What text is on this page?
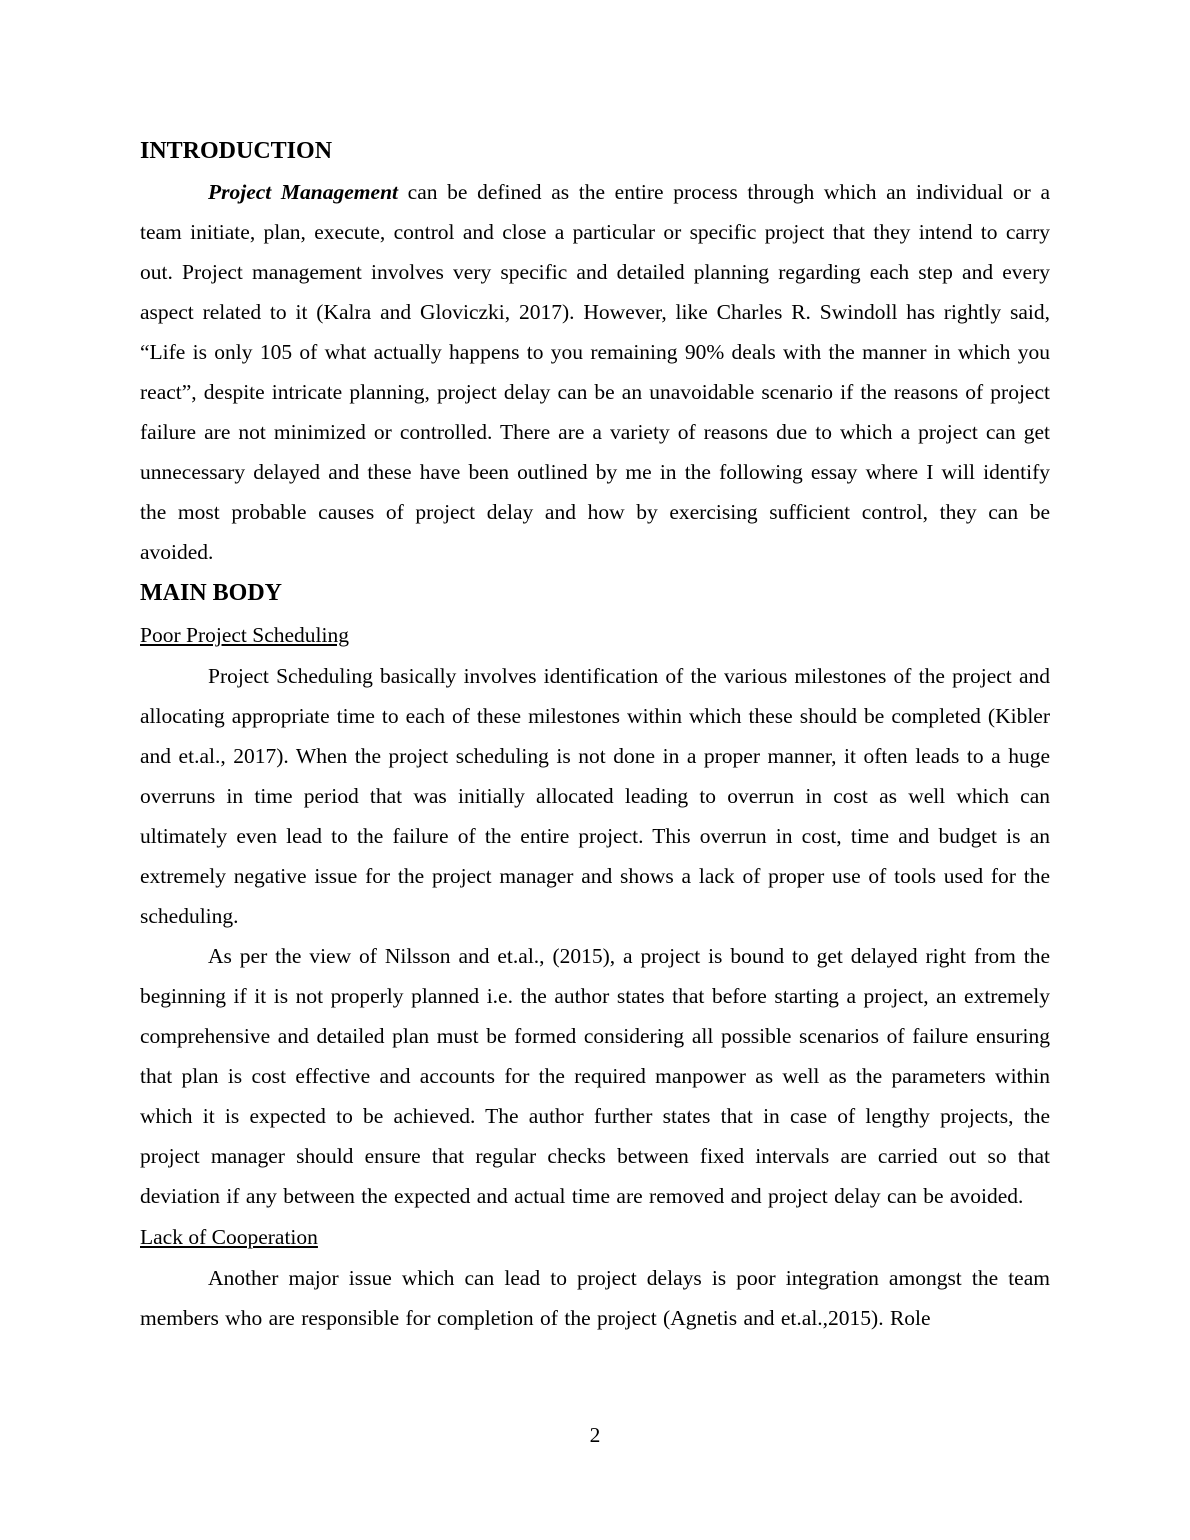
INTRODUCTION

Project Management can be defined as the entire process through which an individual or a team initiate, plan, execute, control and close a particular or specific project that they intend to carry out. Project management involves very specific and detailed planning regarding each step and every aspect related to it (Kalra and Gloviczki, 2017). However, like Charles R. Swindoll has rightly said, “Life is only 105 of what actually happens to you remaining 90% deals with the manner in which you react”, despite intricate planning, project delay can be an unavoidable scenario if the reasons of project failure are not minimized or controlled. There are a variety of reasons due to which a project can get unnecessary delayed and these have been outlined by me in the following essay where I will identify the most probable causes of project delay and how by exercising sufficient control, they can be avoided.

MAIN BODY

Poor Project Scheduling

Project Scheduling basically involves identification of the various milestones of the project and allocating appropriate time to each of these milestones within which these should be completed (Kibler and et.al., 2017). When the project scheduling is not done in a proper manner, it often leads to a huge overruns in time period that was initially allocated leading to overrun in cost as well which can ultimately even lead to the failure of the entire project. This overrun in cost, time and budget is an extremely negative issue for the project manager and shows a lack of proper use of tools used for the scheduling.

As per the view of Nilsson and et.al., (2015), a project is bound to get delayed right from the beginning if it is not properly planned i.e. the author states that before starting a project, an extremely comprehensive and detailed plan must be formed considering all possible scenarios of failure ensuring that plan is cost effective and accounts for the required manpower as well as the parameters within which it is expected to be achieved. The author further states that in case of lengthy projects, the project manager should ensure that regular checks between fixed intervals are carried out so that deviation if any between the expected and actual time are removed and project delay can be avoided.

Lack of Cooperation

Another major issue which can lead to project delays is poor integration amongst the team members who are responsible for completion of the project (Agnetis and et.al.,2015). Role

2
